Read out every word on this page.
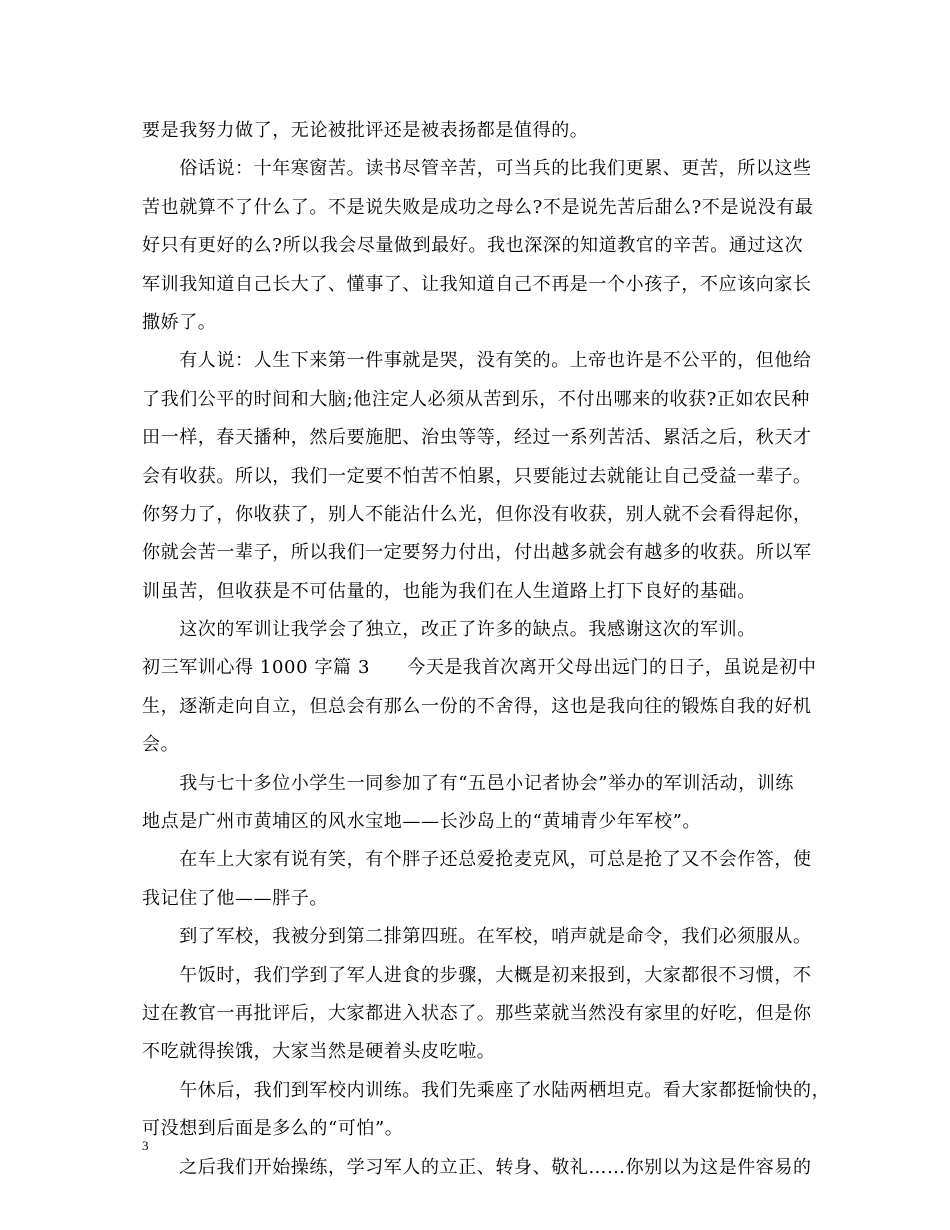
要是我努力做了，无论被批评还是被表扬都是值得的。
　　俗话说：十年寒窗苦。读书尽管辛苦，可当兵的比我们更累、更苦，所以这些
苦也就算不了什么了。不是说失败是成功之母么?不是说先苦后甜么?不是说没有最
好只有更好的么?所以我会尽量做到最好。我也深深的知道教官的辛苦。通过这次
军训我知道自己长大了、懂事了、让我知道自己不再是一个小孩子，不应该向家长
撒娇了。
　　有人说：人生下来第一件事就是哭，没有笑的。上帝也许是不公平的，但他给
了我们公平的时间和大脑;他注定人必须从苦到乐，不付出哪来的收获?正如农民种
田一样，春天播种，然后要施肥、治虫等等，经过一系列苦活、累活之后，秋天才
会有收获。所以，我们一定要不怕苦不怕累，只要能过去就能让自己受益一辈子。
你努力了，你收获了，别人不能沾什么光，但你没有收获，别人就不会看得起你，
你就会苦一辈子，所以我们一定要努力付出，付出越多就会有越多的收获。所以军
训虽苦，但收获是不可估量的，也能为我们在人生道路上打下良好的基础。
　　这次的军训让我学会了独立，改正了许多的缺点。我感谢这次的军训。
初三军训心得 1000 字篇 3　　今天是我首次离开父母出远门的日子，虽说是初中
生，逐渐走向自立，但总会有那么一份的不舍得，这也是我向往的锻炼自我的好机
会。
　　我与七十多位小学生一同参加了有“五邑小记者协会”举办的军训活动，训练
地点是广州市黄埔区的风水宝地——长沙岛上的“黄埔青少年军校”。
　　在车上大家有说有笑，有个胖子还总爱抢麦克风，可总是抢了又不会作答，使
我记住了他——胖子。
　　到了军校，我被分到第二排第四班。在军校，哨声就是命令，我们必须服从。
　　午饭时，我们学到了军人进食的步骤，大概是初来报到，大家都很不习惯，不
过在教官一再批评后，大家都进入状态了。那些菜就当然没有家里的好吃，但是你
不吃就得挨饿，大家当然是硬着头皮吃啦。
　　午休后，我们到军校内训练。我们先乘座了水陆两栖坦克。看大家都挺愉快的，
可没想到后面是多么的“可怕”。
　　之后我们开始操练，学习军人的立正、转身、敬礼……你别以为这是件容易的
3
